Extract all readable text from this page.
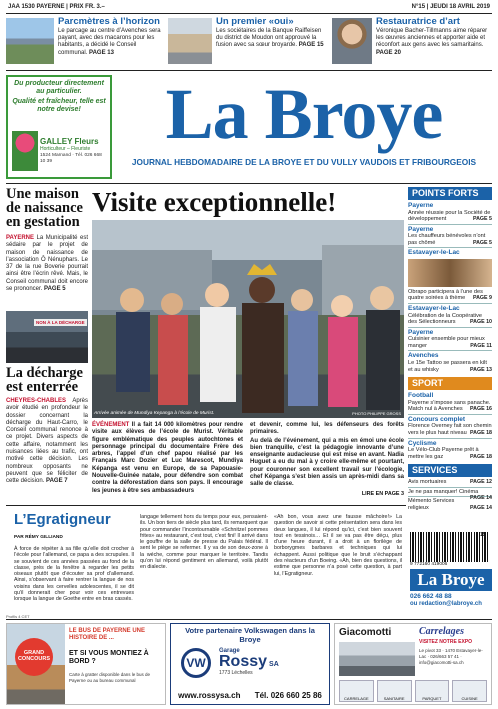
JAA 1530 PAYERNE | PRIX FR. 3.–	N°15 | JEUDI 18 AVRIL 2019
Parcmètres à l’horizon
Le parcage au centre d’Avenches sera payant, avec des macarons pour les habitants, a décidé le Conseil communal. PAGE 13
Un premier «oui»
Les sociétaires de la Banque Raiffeisen du district de Moudon ont approuvé la fusion avec sa sœur broyarde. PAGE 15
Restauratrice d’art
Véronique Bacher-Tillmanns aime réparer les œuvres anciennes et apporter aide et réconfort aux gens avec les samaritains. PAGE 20
Du producteur directement au particulier.
Qualité et fraîcheur, telle est notre devise!
GALLEY Fleurs
Horticulteur – Fleuriste
1524 Marnand · Tél. 026 668 10 39
La Broye
JOURNAL HEBDOMADAIRE DE LA BROYE ET DU VULLY VAUDOIS ET FRIBOURGEOIS
Une maison de naissance en gestation
PAYERNE La Municipalité est sédaire par le projet de maison de naissance de l’association Ô Nénuphars. Le 37 de la rue Boverie pourrait ainsi être l’écrin rêvé. Mais, le Conseil communal doit encore se prononcer. PAGE 5
NON À LA DÉCHARGE
La décharge est enterrée
CHEYRES-CHABLES Après avoir étudié en profondeur le dossier concernant la décharge du Haut-Carro, le Conseil communal renonce à ce projet. Divers aspects de cette affaire, notamment les nuisances liées au trafic, ont motivé cette décision. Les nombreux opposants ne peuvent que se féliciter de cette décision. PAGE 7
Visite exceptionnelle!
Arrivée animée de Mundiya Kepanga à l’école de Murist.	PHOTO PHILIPPE GROSS
ÉVÉNEMENT Il a fait 14 000 kilomètres pour rendre visite aux élèves de l’école de Murist. Véritable figure emblématique des peuples autochtones et personnage principal du documentaire Frère des arbres, l’appel d’un chef papou réalisé par les Français Marc Dozier et Luc Marescot, Mundiya Képanga est venu en Europe, de sa Papouasie-Nouvelle-Guinée natale, pour défendre son combat contre la déforestation dans son pays. Il encourage les jeunes à être ses ambassadeurs
et devenir, comme lui, les défenseurs des forêts primaires.
Au delà de l’événement, qui a mis en émoi une école bien tranquille, c’est la pédagogie innovante d’une enseignante audacieuse qui est mise en avant. Nadia Huguet a eu du mal à y croire elle-même et pourtant, pour couronner son excellent travail sur l’écologie, chef Képanga s’est bien assis un après-midi dans sa salle de classe.
LIRE EN PAGE 3
POINTS FORTS
Payerne
Année réussie pour la Société de développement	PAGE 5
Payerne
Les chauffeurs bénévoles n’ont pas chômé	PAGE 5
Estavayer-le-Lac
Obrapo participera à l’une des quatre soirées à thème PAGE 9
Estavayer-le-Lac
Célébration de la Coopérative des Sélectionneurs	PAGE 10
Payerne
Cuisinier ensemble pour mieux manger	PAGE 11
Avenches
Le 15e Tattoo se passera en kilt et au whisky	PAGE 13
SPORT
Football
Payerne s’impose sans panache. Match nul à Avenches PAGE 16
Concours complet
Florence Overney fait son chemin vers le plus haut niveau PAGE 18
Cyclisme
Le Vélo-Club Payerne prêt à mettre les gaz	PAGE 18
SERVICES
Avis mortuaires	PAGE 12
Je ne pas manquer! Cinéma
PAGE 14
Mémento Services religieux	PAGE 14
9 772160 419006
15
La Broye
026 662 48 88
ou redaction@labroye.ch
L’Egratigneur
PAR RÉMY GILLIAND
À force de répéter à sa fille qu’elle doit crocher à l’école pour l’allemand, ce papa a des scrupules. Il se souvient de ces années passées au fond de la classe, près de la fenêtre à regarder les petits oiseaux plutôt que d’écouter sa prof d’allemand. Ainsi, s’observant à faire rentrer la langue de nos voisins dans les cervelles adolescentes, il se dit qu’il donnerait cher pour voir ces entrevues lorsque la langue de Goethe entre en bras cassés.
langage tellement hors du temps pour eux, pensaient-ils. Un bon tiers de siècle plus tard, ils remarquent que pour commander l’incontournable «Schnitzel pommes frites» au restaurant, c’est tout, c’est fini! Il arrivé dans le gouffre de la salle de presse du Palais fédéral. Il sent le piège se refermer. Il y va de son deux-zone à la wéche, comme pour marquer le territoire. Tandis qu’on lui répond gentiment en allemand, voilà plutôt en dialecte.
«Ah bon, vous avez une fausse mâchoire!» La question de savoir si cette présentation sera dans les deux langues, il lui répond qu’ici, c’est bien souvent tout en tessinois… Et il se va pas être déçu, plus d’une heure durant, il a droit à un florilège de borborygmes barbares et techniques qui lui échappent. Aussi politique que le bruit s’échappant des réacteurs d’un Boeing. «Ah, bien des questions, il estime que personne n’a posé cette question, à part lui, l’Egratigneur.
Profils 4 CET
GRAND CONCOURS
LE BUS DE PAYERNE UNE HISTOIRE DE ...
ET SI VOUS MONTIEZ À BORD ?
Carte à gratter disponible dans le bus de Payerne ou au bureau communal
Votre partenaire Volkswagen dans la Broye
VW
Garage
Rossy SA
1773 Léchelles
www.rossysa.ch Tél. 026 660 25 86
Giacomotti	Carrelages
VISITEZ NOTRE EXPO
Le pivot 33 · 1470 Estavayer-le-Lac · 026/663 57 41 · info@giacomotti-sa.ch
CARRELAGE	SANITAIRE	PARQUET	CUISINE
